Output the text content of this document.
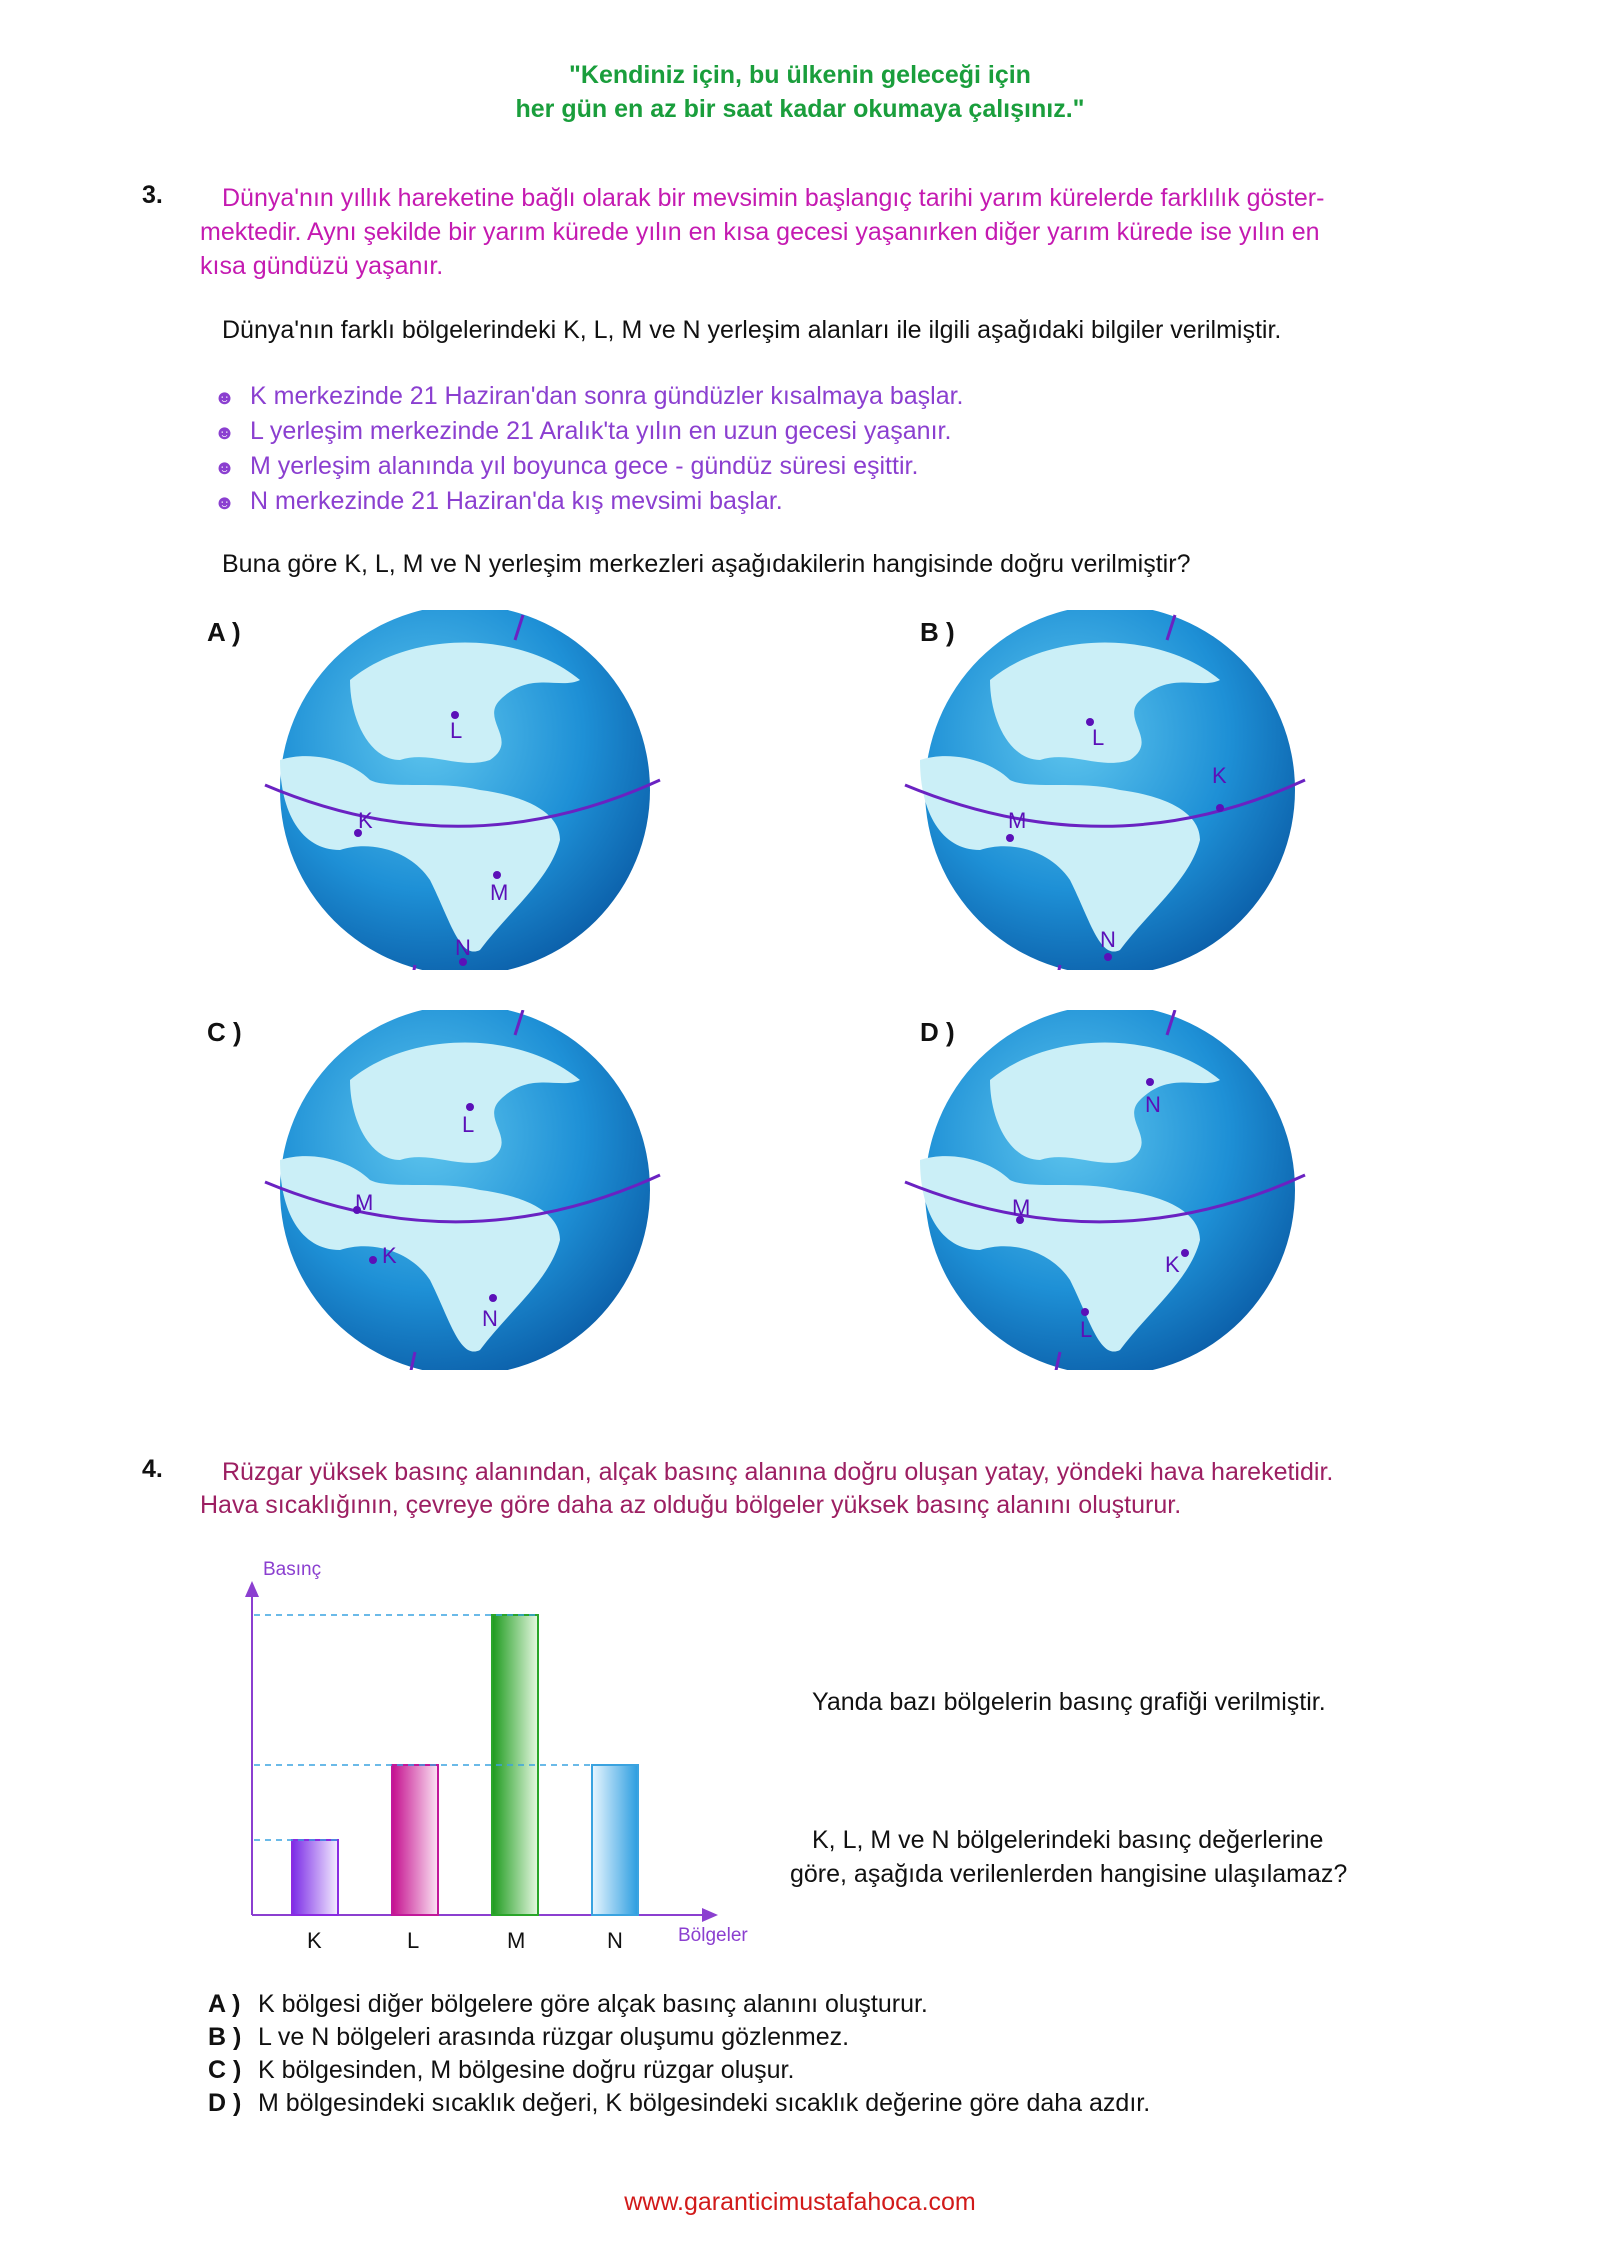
"Kendiniz için, bu ülkenin geleceği için
her gün en az bir saat kadar okumaya çalışınız."
3. Dünya'nın yıllık hareketine bağlı olarak bir mevsimin başlangıç tarihi yarım kürelerde farklılık göster-
mektedir. Aynı şekilde bir yarım kürede yılın en kısa gecesi yaşanırken diğer yarım kürede ise yılın en
kısa gündüzü yaşanır.
Dünya'nın farklı bölgelerindeki K, L, M ve N yerleşim alanları ile ilgili aşağıdaki bilgiler verilmiştir.
☻ K merkezinde 21 Haziran'dan sonra gündüzler kısalmaya başlar.
☻ L yerleşim merkezinde 21 Aralık'ta yılın en uzun gecesi yaşanır.
☻ M yerleşim alanında yıl boyunca gece - gündüz süresi eşittir.
☻ N merkezinde 21 Haziran'da kış mevsimi başlar.
Buna göre K, L, M ve N yerleşim merkezleri aşağıdakilerin hangisinde doğru verilmiştir?
A )	B )
C )	D )
L
K
M
N
L
K
M
N
L
M
K
N
N
M
K
L
4. Rüzgar yüksek basınç alanından, alçak basınç alanına doğru oluşan yatay, yöndeki hava hareketidir.
Hava sıcaklığının, çevreye göre daha az olduğu bölgeler yüksek basınç alanını oluşturur.
Basınç
Bölgeler
K	L	M	N
Yanda bazı bölgelerin basınç grafiği verilmiştir.
K, L, M ve N bölgelerindeki basınç değerlerine
göre, aşağıda verilenlerden hangisine ulaşılamaz?
A ) K bölgesi diğer bölgelere göre alçak basınç alanını oluşturur.
B ) L ve N bölgeleri arasında rüzgar oluşumu gözlenmez.
C ) K bölgesinden, M bölgesine doğru rüzgar oluşur.
D ) M bölgesindeki sıcaklık değeri, K bölgesindeki sıcaklık değerine göre daha azdır.
www.garanticimustafahoca.com
